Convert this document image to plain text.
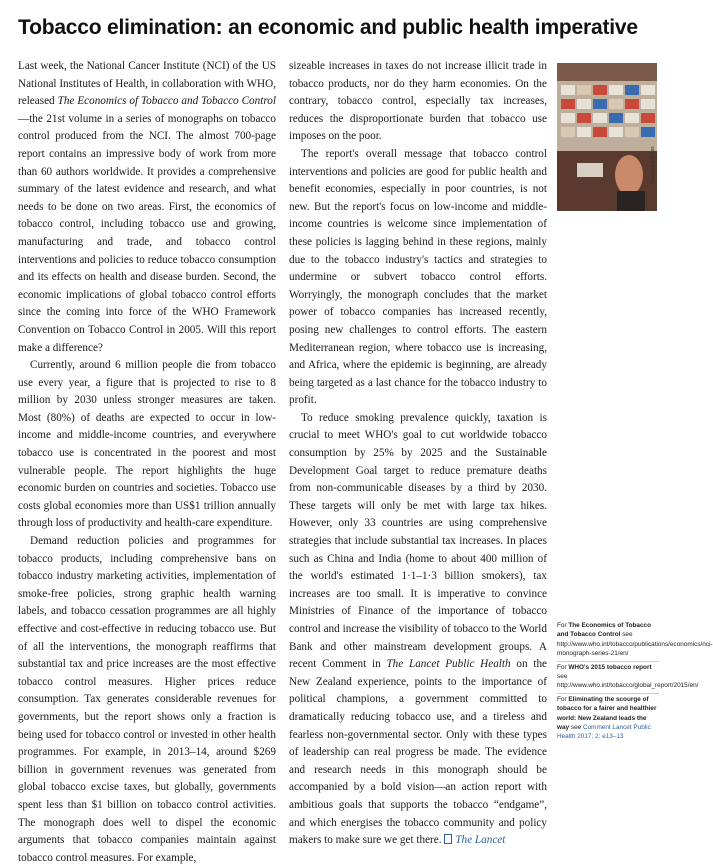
Tobacco elimination: an economic and public health imperative

Last week, the National Cancer Institute (NCI) of the US National Institutes of Health, in collaboration with WHO, released The Economics of Tobacco and Tobacco Control—the 21st volume in a series of monographs on tobacco control produced from the NCI. The almost 700-page report contains an impressive body of work from more than 60 authors worldwide. It provides a comprehensive summary of the latest evidence and research, and what needs to be done on two areas. First, the economics of tobacco control, including tobacco use and growing, manufacturing and trade, and tobacco control interventions and policies to reduce tobacco consumption and its effects on health and disease burden. Second, the economic implications of global tobacco control efforts since the coming into force of the WHO Framework Convention on Tobacco Control in 2005. Will this report make a difference?

Currently, around 6 million people die from tobacco use every year, a figure that is projected to rise to 8 million by 2030 unless stronger measures are taken. Most (80%) of deaths are expected to occur in low-income and middle-income countries, and everywhere tobacco use is concentrated in the poorest and most vulnerable people. The report highlights the huge economic burden on countries and societies. Tobacco use costs global economies more than US$1 trillion annually through loss of productivity and health-care expenditure.

Demand reduction policies and programmes for tobacco products, including comprehensive bans on tobacco industry marketing activities, implementation of smoke-free policies, strong graphic health warning labels, and tobacco cessation programmes are all highly effective and cost-effective in reducing tobacco use. But of all the interventions, the monograph reaffirms that substantial tax and price increases are the most effective tobacco control measures. Higher prices reduce consumption. Tax generates considerable revenues for governments, but the report shows only a fraction is being used for tobacco control or invested in other health programmes. For example, in 2013–14, around $269 billion in government revenues was generated from global tobacco excise taxes, but globally, governments spent less than $1 billion on tobacco control activities. The monograph does well to dispel the economic arguments that tobacco companies maintain against tobacco control measures. For example,

sizeable increases in taxes do not increase illicit trade in tobacco products, nor do they harm economies. On the contrary, tobacco control, especially tax increases, reduces the disproportionate burden that tobacco use imposes on the poor.

The report's overall message that tobacco control interventions and policies are good for public health and benefit economies, especially in poor countries, is not new. But the report's focus on low-income and middle-income countries is welcome since implementation of these policies is lagging behind in these regions, mainly due to the tobacco industry's tactics and strategies to undermine or subvert tobacco control efforts. Worryingly, the monograph concludes that the market power of tobacco companies has increased recently, posing new challenges to control efforts. The eastern Mediterranean region, where tobacco use is increasing, and Africa, where the epidemic is beginning, are already being targeted as a last chance for the tobacco industry to profit.

To reduce smoking prevalence quickly, taxation is crucial to meet WHO's goal to cut worldwide tobacco consumption by 25% by 2025 and the Sustainable Development Goal target to reduce premature deaths from non-communicable diseases by a third by 2030. These targets will only be met with large tax hikes. However, only 33 countries are using comprehensive strategies that include substantial tax increases. In places such as China and India (home to about 400 million of the world's estimated 1·1–1·3 billion smokers), tax increases are too small. It is imperative to convince Ministries of Finance of the importance of tobacco control and increase the visibility of tobacco to the World Bank and other mainstream development groups. A recent Comment in The Lancet Public Health on the New Zealand experience, points to the importance of political champions, a government committed to dramatically reducing tobacco use, and a tireless and fearless non-governmental sector. Only with these types of leadership can real progress be made. The evidence and research needs in this monograph should be accompanied by a bold vision—an action report with ambitious goals that supports the tobacco “endgame”, and which energises the tobacco community and policy makers to make sure we get there. The Lancet

Associated Press
For The Economics of Tobacco and Tobacco Control see http://www.who.int/tobacco/publications/economics/nci-monograph-series-21/en/
For WHO's 2015 tobacco report see http://www.who.int/tobacco/global_report/2015/en/
For Eliminating the scourge of tobacco for a fairer and healthier world: New Zealand leads the way see Comment Lancet Public Health 2017; 2: e13–13
